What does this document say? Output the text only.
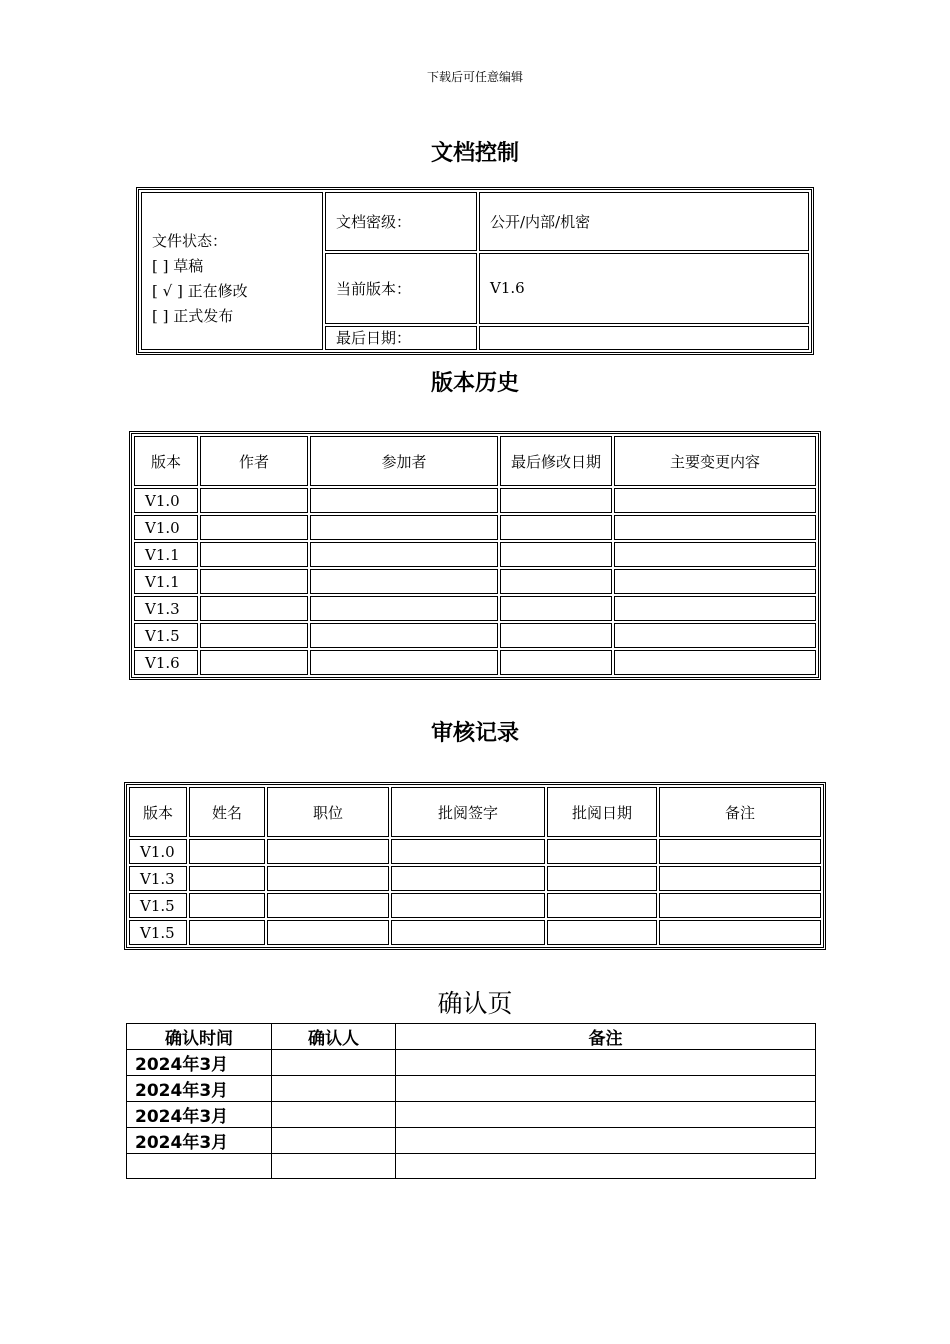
下载后可任意编辑
文档控制
文件状态：
[ ] 草稿
[ √ ] 正在修改
[ ] 正式发布	文档密级：	公开/内部/机密
	当前版本：	V1.6
	最后日期：	
版本历史
版本	作者	参加者	最后修改日期	主要变更内容
V1.0				
V1.0				
V1.1				
V1.1				
V1.3				
V1.5				
V1.6				
审核记录
版本	姓名	职位	批阅签字	批阅日期	备注
V1.0					
V1.3					
V1.5					
V1.5					
确认页
确认时间	确认人	备注
2024年3月		
2024年3月		
2024年3月		
2024年3月		
